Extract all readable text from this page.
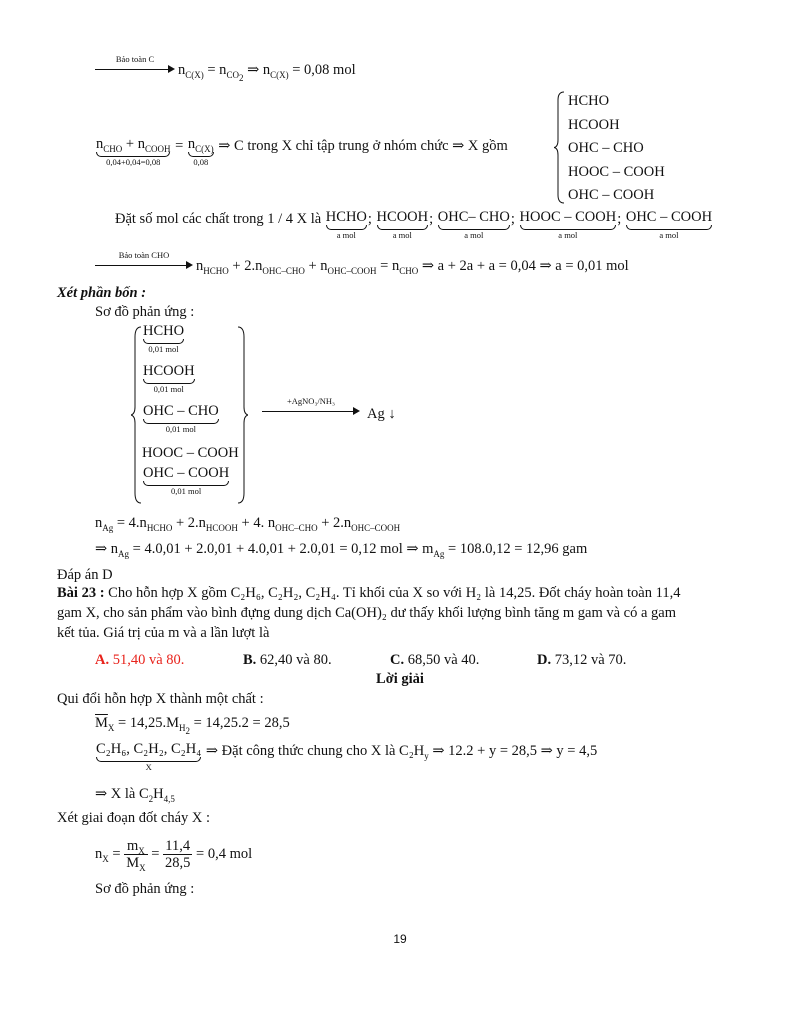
Bảo toàn C
$n_{C(X)} = n_{CO_2}$ ⇒ $n_{C(X)} = 0,08$ mol
$n_{CHO} + n_{COOH}$
0,04+0,04=0,08
= $n_{C(X)}$
0,08
⇒ C trong X chỉ tập trung ở nhóm chức ⇒ X gồm
HCHO
HCOOH
OHC – CHO
HOOC – COOH
OHC – COOH
Đặt số mol các chất trong 1 / 4 X là HCHO
a mol
; HCOOH
a mol
; OHC– CHO
a mol
; HOOC – COOH
a mol
; OHC – COOH
a mol
Bảo toàn CHO
$n_{HCHO} + 2.n_{OHC-CHO} + n_{OHC-COOH} = n_{CHO}$ ⇒ a + 2a + a = 0,04 ⇒ a = 0,01 mol
Xét phần bốn :
Sơ đồ phản ứng :
HCHO
0,01 mol
HCOOH
0,01 mol
OHC – CHO
0,01 mol
HOOC – COOH
OHC – COOH
0,01 mol
+AgNO₃/NH₃
Ag ↓
$n_{Ag} = 4.n_{HCHO} + 2.n_{HCOOH} + 4$. $n_{OHC-CHO} + 2.n_{OHC-COOH}$
⇒ $n_{Ag} = 4.0,01 + 2.0,01 + 4.0,01 + 2.0,01 = 0,12$ mol ⇒ $m_{Ag} = 108.0,12 = 12,96$ gam
Đáp án D
Bài 23 : Cho hỗn hợp X gồm C₂H₆, C₂H₂, C₂H₄. Tỉ khối của X so với H₂ là 14,25. Đốt cháy hoàn toàn 11,4
gam X, cho sản phẩm vào bình đựng dung dịch Ca(OH)₂ dư thấy khối lượng bình tăng m gam và có a gam
kết tủa. Giá trị của m và a lần lượt là
A. 51,40 và 80.	B. 62,40 và 80.	C. 68,50 và 40.	D. 73,12 và 70.
Lời giải
Qui đổi hỗn hợp X thành một chất :
$\overline{M}_X = 14,25.M_{H_2} = 14,25.2 = 28,5$
C₂H₆, C₂H₂, C₂H₄
X
⇒ Đặt công thức chung cho X là $C_2H_y$ ⇒ 12.2 + y = 28,5 ⇒ y = 4,5
⇒ X là $C_2H_{4,5}$
Xét giai đoạn đốt cháy X :
$n_X = \frac{m_X}{M_X} = \frac{11,4}{28,5} = 0,4$ mol
Sơ đồ phản ứng :
19
